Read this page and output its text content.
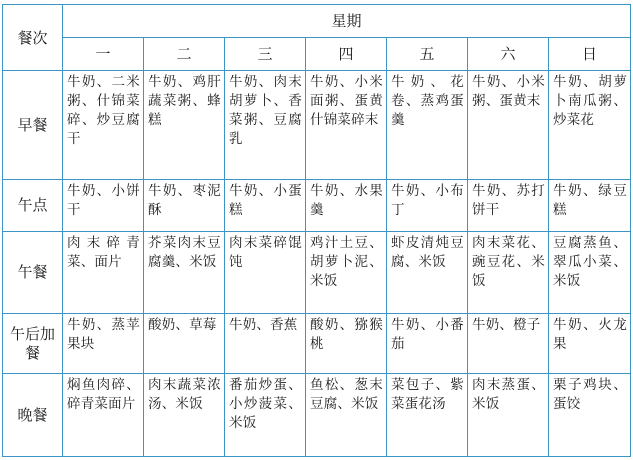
餐次	星期						
	一	二	三	四	五	六	日
早餐	牛奶、二米粥、什锦菜碎、炒豆腐干	牛奶、鸡肝蔬菜粥、蜂糕	牛奶、肉末胡萝卜、香菜粥、豆腐乳	牛奶、小米面粥、蛋黄什锦菜碎末	牛奶、花卷、蒸鸡蛋羹	牛奶、小米粥、蛋黄末	牛奶、胡萝卜南瓜粥、炒菜花
午点	牛奶、小饼干	牛奶、枣泥酥	牛奶、小蛋糕	牛奶、水果羹	牛奶、小布丁	牛奶、苏打饼干	牛奶、绿豆糕
午餐	肉末碎青菜、面片	芥菜肉末豆腐羹、米饭	肉末菜碎馄饨	鸡汁土豆、胡萝卜泥、米饭	虾皮清炖豆腐、米饭	肉末菜花、豌豆花、米饭	豆腐蒸鱼、翠瓜小菜、米饭
午后加餐	牛奶、蒸苹果块	酸奶、草莓	牛奶、香蕉	酸奶、猕猴桃	牛奶、小番茄	牛奶、橙子	牛奶、火龙果
晚餐	焖鱼肉碎、碎青菜面片	肉末蔬菜浓汤、米饭	番茄炒蛋、小炒菠菜、米饭	鱼松、葱末豆腐、米饭	菜包子、紫菜蛋花汤	肉末蒸蛋、米饭	栗子鸡块、蛋饺
